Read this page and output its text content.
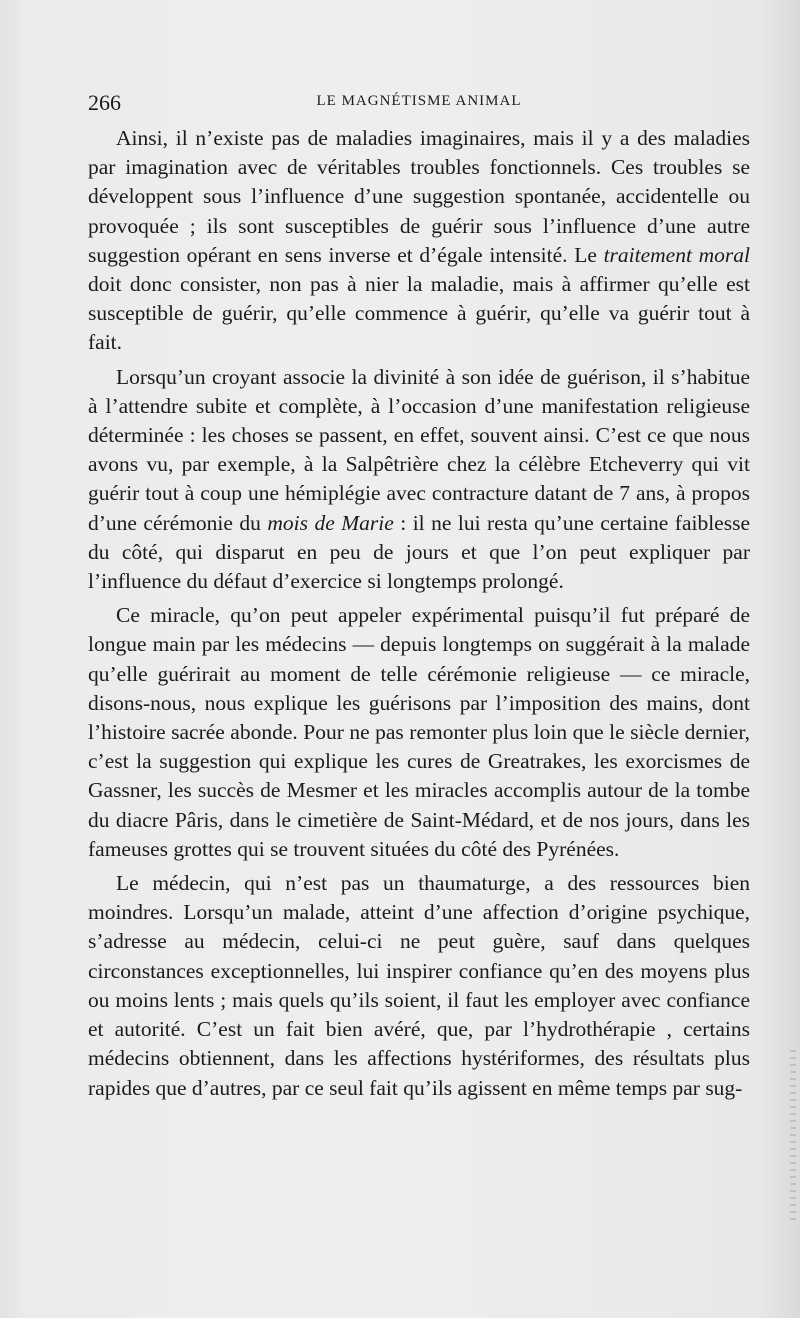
266	LE MAGNÉTISME ANIMAL

Ainsi, il n’existe pas de maladies imaginaires, mais il y a des maladies par imagination avec de véritables troubles fonctionnels. Ces troubles se développent sous l’influence d’une suggestion spontanée, accidentelle ou provoquée ; ils sont susceptibles de guérir sous l’influence d’une autre suggestion opérant en sens inverse et d’égale intensité. Le traitement moral doit donc consister, non pas à nier la maladie, mais à affirmer qu’elle est susceptible de guérir, qu’elle commence à guérir, qu’elle va guérir tout à fait.

Lorsqu’un croyant associe la divinité à son idée de guérison, il s’habitue à l’attendre subite et complète, à l’occasion d’une manifestation religieuse déterminée : les choses se passent, en effet, souvent ainsi. C’est ce que nous avons vu, par exemple, à la Salpêtrière chez la célèbre Etcheverry qui vit guérir tout à coup une hémiplégie avec contracture datant de 7 ans, à propos d’une cérémonie du mois de Marie : il ne lui resta qu’une certaine faiblesse du côté, qui disparut en peu de jours et que l’on peut expliquer par l’influence du défaut d’exercice si longtemps prolongé.

Ce miracle, qu’on peut appeler expérimental puisqu’il fut préparé de longue main par les médecins — depuis longtemps on suggérait à la malade qu’elle guérirait au moment de telle cérémonie religieuse — ce miracle, disons-nous, nous explique les guérisons par l’imposition des mains, dont l’histoire sacrée abonde. Pour ne pas remonter plus loin que le siècle dernier, c’est la suggestion qui explique les cures de Greatrakes, les exorcismes de Gassner, les succès de Mesmer et les miracles accomplis autour de la tombe du diacre Pâris, dans le cimetière de Saint-Médard, et de nos jours, dans les fameuses grottes qui se trouvent situées du côté des Pyrénées.

Le médecin, qui n’est pas un thaumaturge, a des ressources bien moindres. Lorsqu’un malade, atteint d’une affection d’origine psychique, s’adresse au médecin, celui-ci ne peut guère, sauf dans quelques circonstances exceptionnelles, lui inspirer confiance qu’en des moyens plus ou moins lents ; mais quels qu’ils soient, il faut les employer avec confiance et autorité. C’est un fait bien avéré, que, par l’hydrothérapie , certains médecins obtiennent, dans les affections hystériformes, des résultats plus rapides que d’autres, par ce seul fait qu’ils agissent en même temps par sug-
